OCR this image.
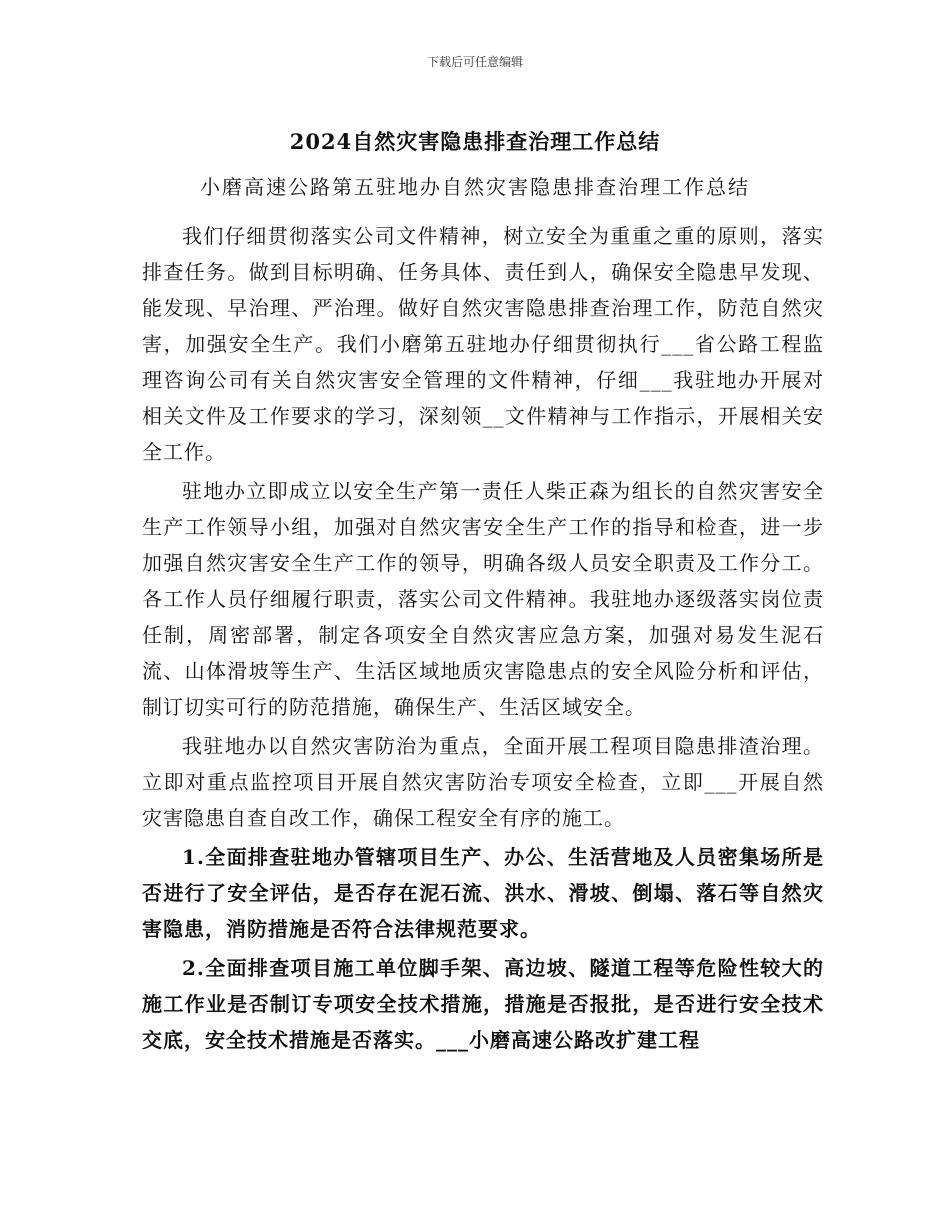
下载后可任意编辑
2024自然灾害隐患排查治理工作总结
小磨高速公路第五驻地办自然灾害隐患排查治理工作总结

我们仔细贯彻落实公司文件精神，树立安全为重重之重的原则，落实排查任务。做到目标明确、任务具体、责任到人，确保安全隐患早发现、能发现、早治理、严治理。做好自然灾害隐患排查治理工作，防范自然灾害，加强安全生产。我们小磨第五驻地办仔细贯彻执行___省公路工程监理咨询公司有关自然灾害安全管理的文件精神，仔细___我驻地办开展对相关文件及工作要求的学习，深刻领__文件精神与工作指示，开展相关安全工作。

驻地办立即成立以安全生产第一责任人柴正森为组长的自然灾害安全生产工作领导小组，加强对自然灾害安全生产工作的指导和检查，进一步加强自然灾害安全生产工作的领导，明确各级人员安全职责及工作分工。各工作人员仔细履行职责，落实公司文件精神。我驻地办逐级落实岗位责任制，周密部署，制定各项安全自然灾害应急方案，加强对易发生泥石流、山体滑坡等生产、生活区域地质灾害隐患点的安全风险分析和评估，制订切实可行的防范措施，确保生产、生活区域安全。

我驻地办以自然灾害防治为重点，全面开展工程项目隐患排渣治理。立即对重点监控项目开展自然灾害防治专项安全检查，立即___开展自然灾害隐患自查自改工作，确保工程安全有序的施工。

1.全面排查驻地办管辖项目生产、办公、生活营地及人员密集场所是否进行了安全评估，是否存在泥石流、洪水、滑坡、倒塌、落石等自然灾害隐患，消防措施是否符合法律规范要求。

2.全面排查项目施工单位脚手架、高边坡、隧道工程等危险性较大的施工作业是否制订专项安全技术措施，措施是否报批，是否进行安全技术交底，安全技术措施是否落实。___小磨高速公路改扩建工程
